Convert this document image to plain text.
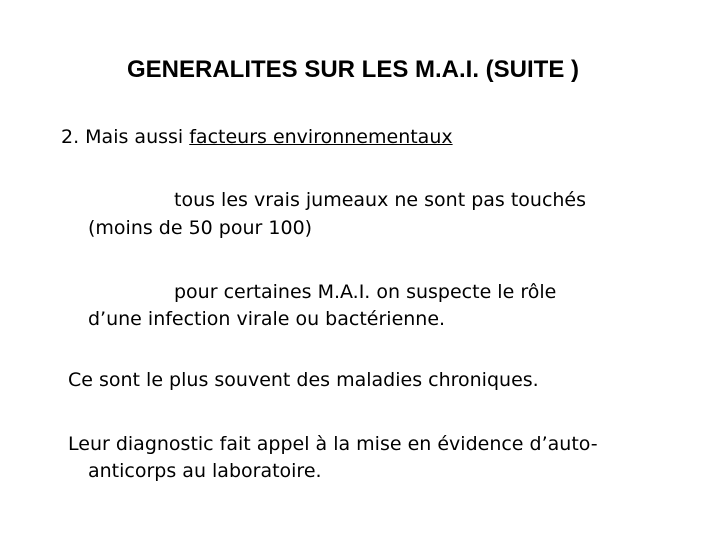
GENERALITES SUR LES M.A.I. (SUITE )
2. Mais aussi facteurs environnementaux
tous les vrais jumeaux ne sont pas touchés
(moins de 50 pour 100)
pour certaines M.A.I. on suspecte le rôle
d’une infection virale ou bactérienne.
Ce sont le plus souvent des maladies chroniques.
Leur diagnostic fait appel à la mise en évidence d’auto-
anticorps au laboratoire.
